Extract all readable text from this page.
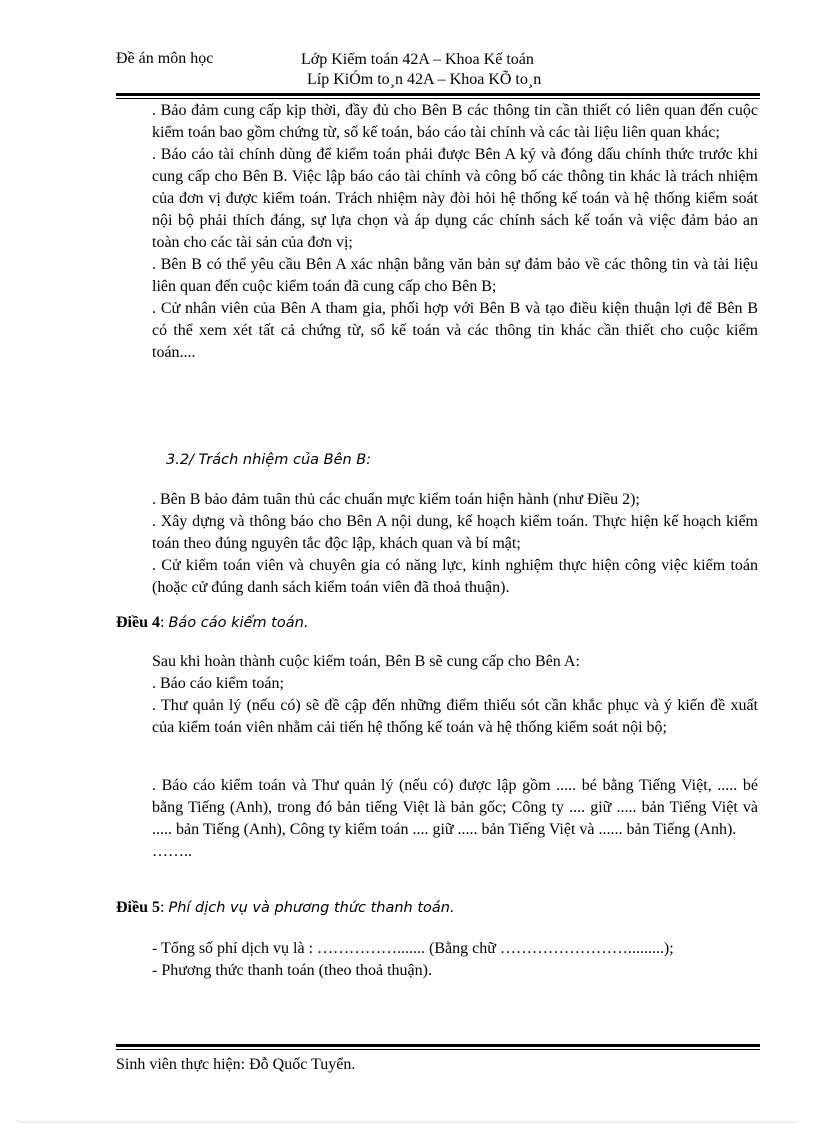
Đề án môn học	Lớp Kiểm toán 42A – Khoa Kế toán
Líp KiÓm to¸n 42A – Khoa KÕ to¸n

. Bảo đảm cung cấp kịp thời, đầy đủ cho Bên B các thông tin cần thiết có liên quan đến cuộc kiểm toán bao gồm chứng từ, sổ kế toán, báo cáo tài chính và các tài liệu liên quan khác;

. Báo cáo tài chính dùng để kiểm toán phải được Bên A ký và đóng dấu chính thức trước khi cung cấp cho Bên B. Việc lập báo cáo tài chính và công bố các thông tin khác là trách nhiệm của đơn vị được kiểm toán. Trách nhiệm này đòi hỏi hệ thống kế toán và hệ thống kiểm soát nội bộ phải thích đáng, sự lựa chọn và áp dụng các chính sách kế toán và việc đảm bảo an toàn cho các tài sản của đơn vị;

. Bên B có thể yêu cầu Bên A xác nhận bằng văn bản sự đảm bảo về các thông tin và tài liệu liên quan đến cuộc kiểm toán đã cung cấp cho Bên B;

. Cử nhân viên của Bên A tham gia, phối hợp với Bên B và tạo điều kiện thuận lợi để Bên B có thể xem xét tất cả chứng từ, sổ kế toán và các thông tin khác cần thiết cho cuộc kiểm toán....

3.2/ Trách nhiệm của Bên B:

. Bên B bảo đảm tuân thủ các chuẩn mực kiểm toán hiện hành (như Điều 2);

. Xây dựng và thông báo cho Bên A nội dung, kế hoạch kiểm toán. Thực hiện kế hoạch kiểm toán theo đúng nguyên tắc độc lập, khách quan và bí mật;

. Cử kiểm toán viên và chuyên gia có năng lực, kinh nghiệm thực hiện công việc kiểm toán (hoặc cử đúng danh sách kiểm toán viên đã thoả thuận).

Điều 4: Báo cáo kiểm toán.

Sau khi hoàn thành cuộc kiểm toán, Bên B sẽ cung cấp cho Bên A:

. Báo cáo kiểm toán;

. Thư quản lý (nếu có) sẽ đề cập đến những điểm thiếu sót cần khắc phục và ý kiến đề xuất của kiểm toán viên nhằm cải tiến hệ thống kế toán và hệ thống kiểm soát nội bộ;

. Báo cáo kiểm toán và Thư quản lý (nếu có) được lập gồm ..... bé bằng Tiếng Việt, ..... bé bằng Tiếng (Anh), trong đó bản tiếng Việt là bản gốc; Công ty .... giữ ..... bản Tiếng Việt và ..... bản Tiếng (Anh), Công ty kiểm toán .... giữ ..... bản Tiếng Việt và ...... bản Tiếng (Anh).

……..

Điều 5: Phí dịch vụ và phương thức thanh toán.

- Tổng số phí dịch vụ là : ……………....... (Bằng chữ …………………….........);

- Phương thức thanh toán (theo thoả thuận).

Sinh viên thực hiện: Đỗ Quốc Tuyển.
